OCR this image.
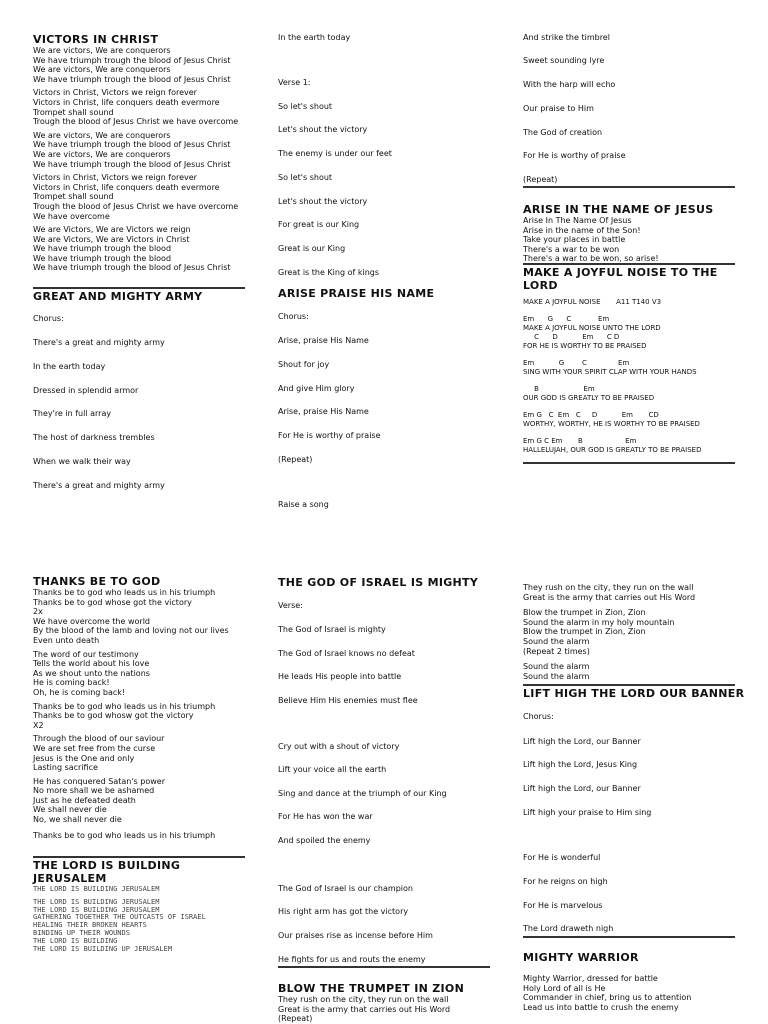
VICTORS IN CHRIST
We are victors, We are conquerors
We have triumph trough the blood of Jesus Christ
We are victors, We are conquerors
We have triumph trough the blood of Jesus Christ
Victors in Christ, Victors we reign forever
Victors in Christ, life conquers death evermore
Trompet shall sound
Trough the blood of Jesus Christ we have overcome
We are victors, We are conquerors
We have triumph trough the blood of Jesus Christ
We are victors, We are conquerors
We have triumph trough the blood of Jesus Christ
Victors in Christ, Victors we reign forever
Victors in Christ, life conquers death evermore
Trompet shall sound
Trough the blood of Jesus Christ we have overcome
We have overcome
We are Victors, We are Victors we reign
We are Victors, We are Victors in Christ
We have triumph trough the blood
We have triumph trough the blood
We have triumph trough the blood of Jesus Christ
GREAT AND MIGHTY ARMY
Chorus:
There's a great and mighty army
In the earth today
Dressed in splendid armor
They're in full array
The host of darkness trembles
When we walk their way
There's a great and mighty army
THANKS BE TO GOD
Thanks be to god who leads us in his triumph
Thanks be to god whose got the victory
2x
We have overcome the world
By the blood of the lamb and loving not our lives
Even unto death
The word of our testimony
Tells the world about his love
As we shout unto the nations
He is coming back!
Oh, he is coming back!
Thanks be to god who leads us in his triumph
Thanks be to god whosw got the victory
X2
Through the blood of our saviour
We are set free from the curse
Jesus is the One and only
Lasting sacrifice
He has conquered Satan's power
No more shall we be ashamed
Just as he defeated death
We shall never die
No, we shall never die
Thanks be to god who leads us in his triumph
THE LORD IS BUILDING
JERUSALEM
THE LORD IS BUILDING JERUSALEM
THE LORD IS BUILDING JERUSALEM
THE LORD IS BUILDING JERUSALEM
GATHERING TOGETHER THE OUTCASTS OF ISRAEL
HEALING THEIR BROKEN HEARTS
BINDING UP THEIR WOUNDS
THE LORD IS BUILDING
THE LORD IS BUILDING UP JERUSALEM
In the earth today
Verse 1:
So let's shout
Let's shout the victory
The enemy is under our feet
So let's shout
Let's shout the victory
For great is our King
Great is our King
Great is the King of kings
ARISE PRAISE HIS NAME
Chorus:
Arise, praise His Name
Shout for joy
And give Him glory
Arise, praise His Name
For He is worthy of praise
(Repeat)
Raise a song
THE GOD OF ISRAEL IS MIGHTY
Verse:
The God of Israel is mighty
The God of Israel knows no defeat
He leads His people into battle
Believe Him His enemies must flee
Cry out with a shout of victory
Lift your voice all the earth
Sing and dance at the triumph of our King
For He has won the war
And spoiled the enemy
The God of Israel is our champion
His right arm has got the victory
Our praises rise as incense before Him
He fights for us and routs the enemy
BLOW THE TRUMPET IN ZION
They rush on the city, they run on the wall
Great is the army that carries out His Word
(Repeat)
And strike the timbrel
Sweet sounding lyre
With the harp will echo
Our praise to Him
The God of creation
For He is worthy of praise
(Repeat)
ARISE IN THE NAME OF JESUS
Arise In The Name Of Jesus
Arise in the name of the Son!
Take your places in battle
There's a war to be won
There's a war to be won, so arise!
MAKE A JOYFUL NOISE TO THE
LORD
MAKE A JOYFUL NOISE       A11 T140 V3
Em      G      C            Em
MAKE A JOYFUL NOISE UNTO THE LORD
C      D           Em      C D
FOR HE IS WORTHY TO BE PRAISED
Em           G        C              Em
SING WITH YOUR SPIRIT CLAP WITH YOUR HANDS
B                    Em
OUR GOD IS GREATLY TO BE PRAISED
Em G   C  Em   C     D           Em       CD
WORTHY, WORTHY, HE IS WORTHY TO BE PRAISED
Em G C Em       B                   Em
HALLELUJAH, OUR GOD IS GREATLY TO BE PRAISED
They rush on the city, they run on the wall
Great is the army that carries out His Word
Blow the trumpet in Zion, Zion
Sound the alarm in my holy mountain
Blow the trumpet in Zion, Zion
Sound the alarm
(Repeat 2 times)
Sound the alarm
Sound the alarm
LIFT HIGH THE LORD OUR BANNER
Chorus:
Lift high the Lord, our Banner
Lift high the Lord, Jesus King
Lift high the Lord, our Banner
Lift high your praise to Him sing
For He is wonderful
For he reigns on high
For He is marvelous
The Lord draweth nigh
MIGHTY WARRIOR
Mighty Warrior, dressed for battle
Holy Lord of all is He
Commander in chief, bring us to attention
Lead us into battle to crush the enemy
